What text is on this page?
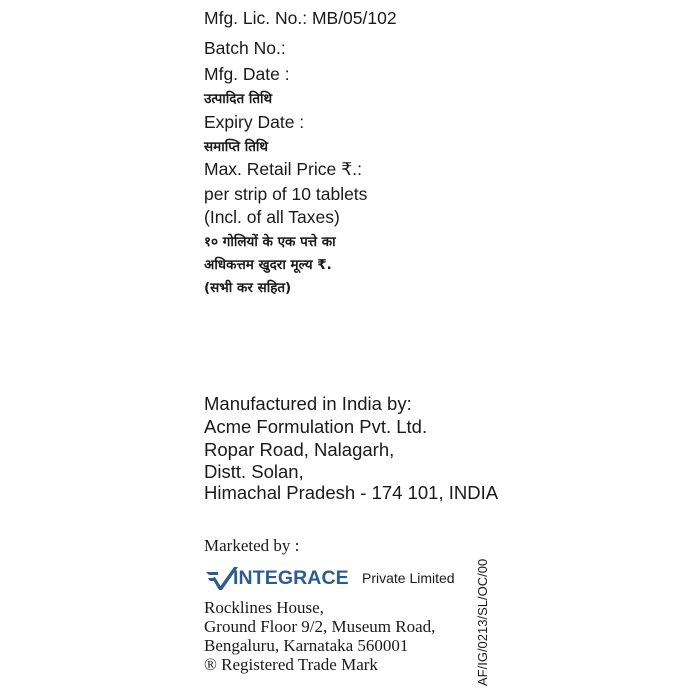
Mfg. Lic. No.: MB/05/102

Batch No.:

Mfg. Date :

उत्पादित तिथि

Expiry Date :

समाप्ति तिथि

Max. Retail Price ₹.:

per strip of 10 tablets

(Incl. of all Taxes)

१० गोलियों के एक पत्ते का

अधिकत्तम खुदरा मूल्य ₹.

(सभी कर सहित)

Manufactured in India by:

Acme Formulation Pvt. Ltd.

Ropar Road, Nalagarh,

Distt. Solan,

Himachal Pradesh - 174 101, INDIA

Marketed by :

INTEGRACE Private Limited

Rocklines House,

Ground Floor 9/2, Museum Road,

Bengaluru, Karnataka 560001

® Registered Trade Mark	AF/IG/0213/SL/OC/00
